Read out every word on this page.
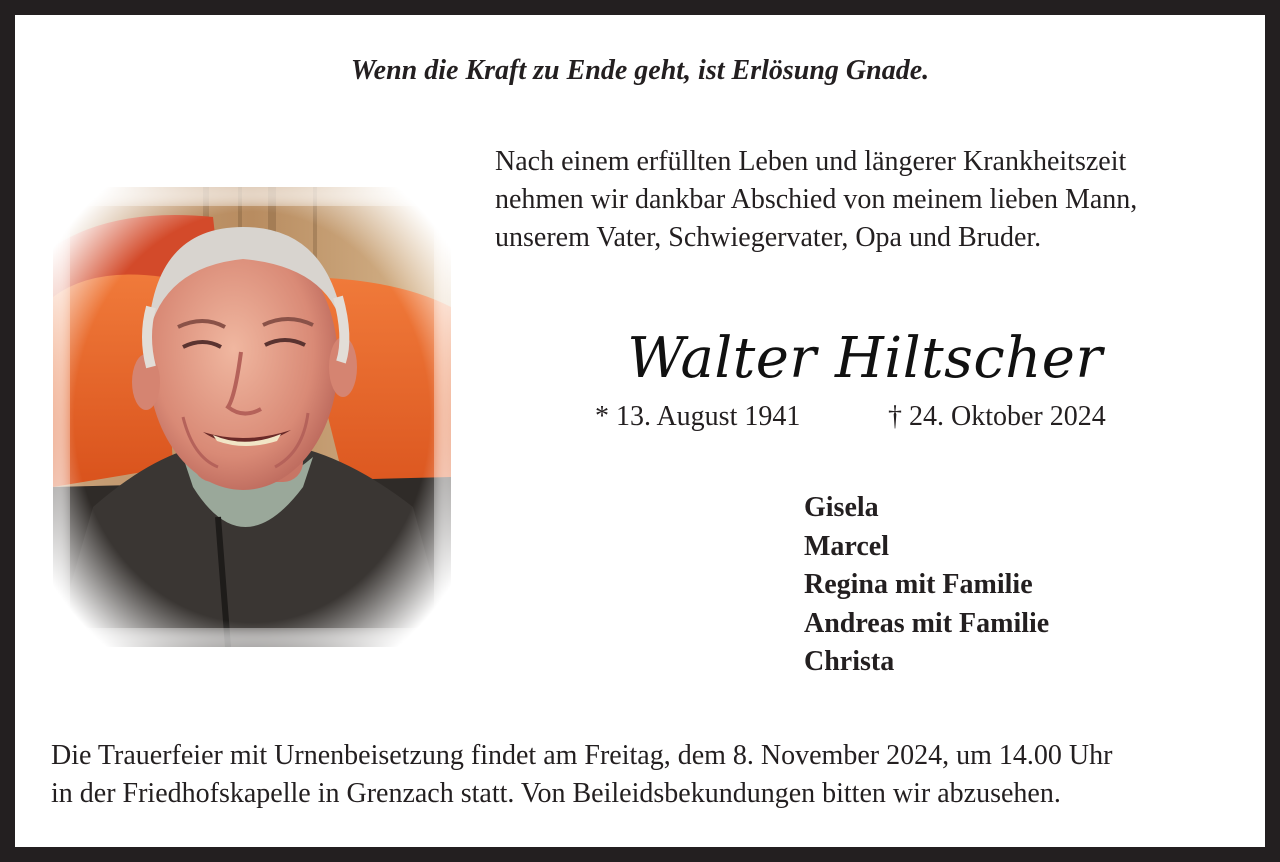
Wenn die Kraft zu Ende geht, ist Erlösung Gnade.
Nach einem erfüllten Leben und längerer Krankheitszeit
nehmen wir dankbar Abschied von meinem lieben Mann,
unserem Vater, Schwiegervater, Opa und Bruder.
Walter Hiltscher
* 13. August 1941	† 24. Oktober 2024
Gisela
Marcel
Regina mit Familie
Andreas mit Familie
Christa
Die Trauerfeier mit Urnenbeisetzung findet am Freitag, dem 8. November 2024, um 14.00 Uhr
in der Friedhofskapelle in Grenzach statt. Von Beileidsbekundungen bitten wir abzusehen.
